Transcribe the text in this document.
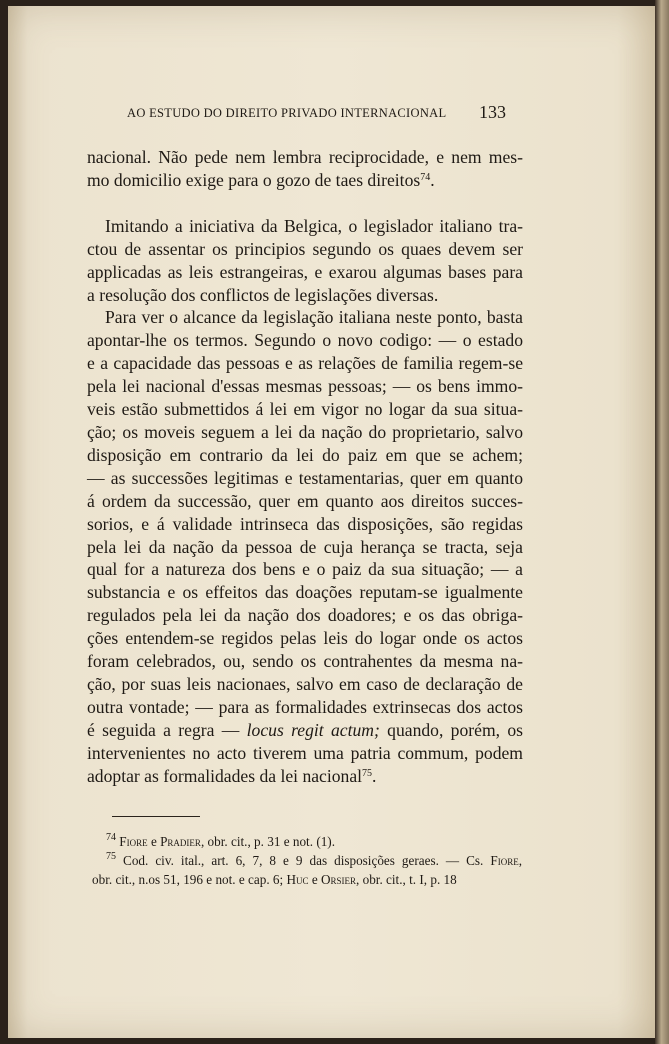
AO ESTUDO DO DIREITO PRIVADO INTERNACIONAL 133

nacional. Não pede nem lembra reciprocidade, e nem mes-
mo domicilio exige para o gozo de taes direitos$^{74}$.

Imitando a iniciativa da Belgica, o legislador italiano tra-
ctou de assentar os principios segundo os quaes devem ser
applicadas as leis estrangeiras, e exarou algumas bases para
a resolução dos conflictos de legislações diversas.

Para ver o alcance da legislação italiana neste ponto, basta
apontar-lhe os termos. Segundo o novo codigo: — o estado
e a capacidade das pessoas e as relações de familia regem-se
pela lei nacional d'essas mesmas pessoas; — os bens immo-
veis estão submettidos á lei em vigor no logar da sua situa-
ção; os moveis seguem a lei da nação do proprietario, salvo
disposição em contrario da lei do paiz em que se achem;
— as successões legitimas e testamentarias, quer em quanto
á ordem da successão, quer em quanto aos direitos succes-
sorios, e á validade intrinseca das disposições, são regidas
pela lei da nação da pessoa de cuja herança se tracta, seja
qual for a natureza dos bens e o paiz da sua situação; — a
substancia e os effeitos das doações reputam-se igualmente
regulados pela lei da nação dos doadores; e os das obriga-
ções entendem-se regidos pelas leis do logar onde os actos
foram celebrados, ou, sendo os contrahentes da mesma na-
ção, por suas leis nacionaes, salvo em caso de declaração de
outra vontade; — para as formalidades extrinsecas dos actos
é seguida a regra — locus regit actum; quando, porém, os
intervenientes no acto tiverem uma patria commum, podem
adoptar as formalidades da lei nacional$^{75}$.

$^{74}$ Fiore e Pradier, obr. cit., p. 31 e not. (1).
$^{75}$ Cod. civ. ital., art. 6, 7, 8 e 9 das disposições geraes. — Cs. Fiore,
obr. cit., n.os 51, 196 e not. e cap. 6; Huc e Orsier, obr. cit., t. I, p. 18
